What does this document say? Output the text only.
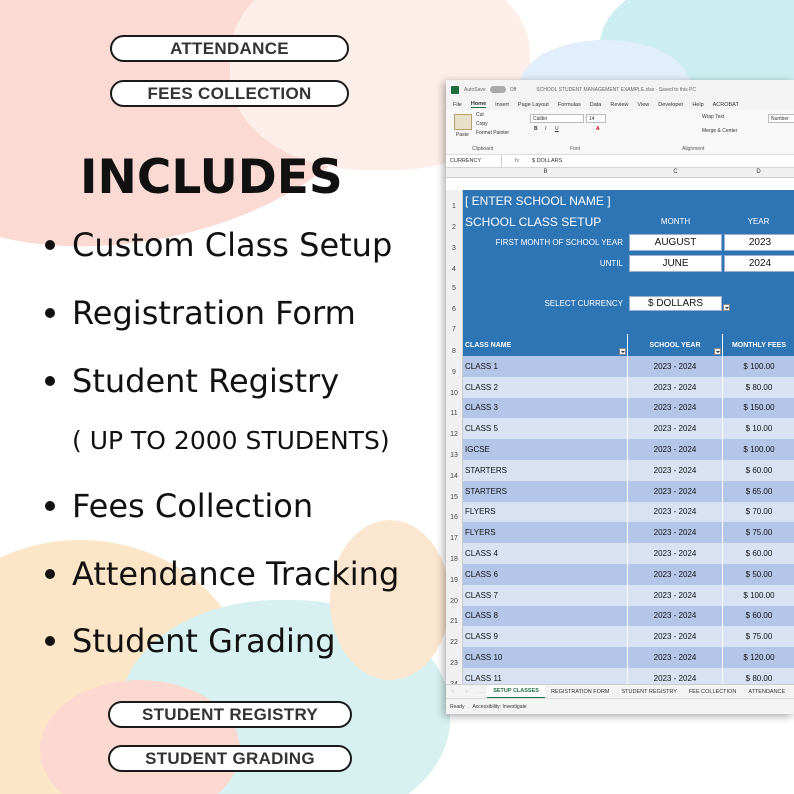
ATTENDANCE
FEES COLLECTION
INCLUDES
Custom Class Setup
Registration Form
Student Registry
( UP TO 2000 STUDENTS)
Fees Collection
Attendance Tracking
Student Grading
STUDENT REGISTRY
STUDENT GRADING
AutoSave	Off	SCHOOL STUDENT MANAGEMENT EXAMPLE.xlsx · Saved to this PC
File Home Insert Page Layout Formulas Data Review View Developer Help ACROBAT
Paste
Cut
Copy
Format Painter
Clipboard
Calibri	14
B I U	A
Font
Wrap Text
Merge & Center
Alignment
Number
CURRENCY	fx	$ DOLLARS
B	C	D
1 [ ENTER SCHOOL NAME ]
2 SCHOOL CLASS SETUP	MONTH	YEAR
3
FIRST MONTH OF SCHOOL YEAR	AUGUST	2023
4
UNTIL	JUNE	2024
5
6
SELECT CURRENCY	$ DOLLARS
7
8
CLASS NAME	SCHOOL YEAR	MONTHLY FEES
9
CLASS 1	2023 - 2024	$ 100.00
10
CLASS 2	2023 - 2024	$ 80.00
11
CLASS 3	2023 - 2024	$ 150.00
12
CLASS 5	2023 - 2024	$ 10.00
13
IGCSE	2023 - 2024	$ 100.00
14
STARTERS	2023 - 2024	$ 60.00
15
STARTERS	2023 - 2024	$ 65.00
16
FLYERS	2023 - 2024	$ 70.00
17
FLYERS	2023 - 2024	$ 75.00
18
CLASS 4	2023 - 2024	$ 60.00
19
CLASS 6	2023 - 2024	$ 50.00
20
CLASS 7	2023 - 2024	$ 100.00
21
CLASS 8	2023 - 2024	$ 60.00
22
CLASS 9	2023 - 2024	$ 75.00
23
CLASS 10	2023 - 2024	$ 120.00
CLASS 11	2023 - 2024	$ 80.00
‹	›	…	SETUP CLASSES	REGISTRATION FORM	STUDENT REGISTRY	FEE COLLECTION	ATTENDANCE
Ready Accessibility: Investigate
